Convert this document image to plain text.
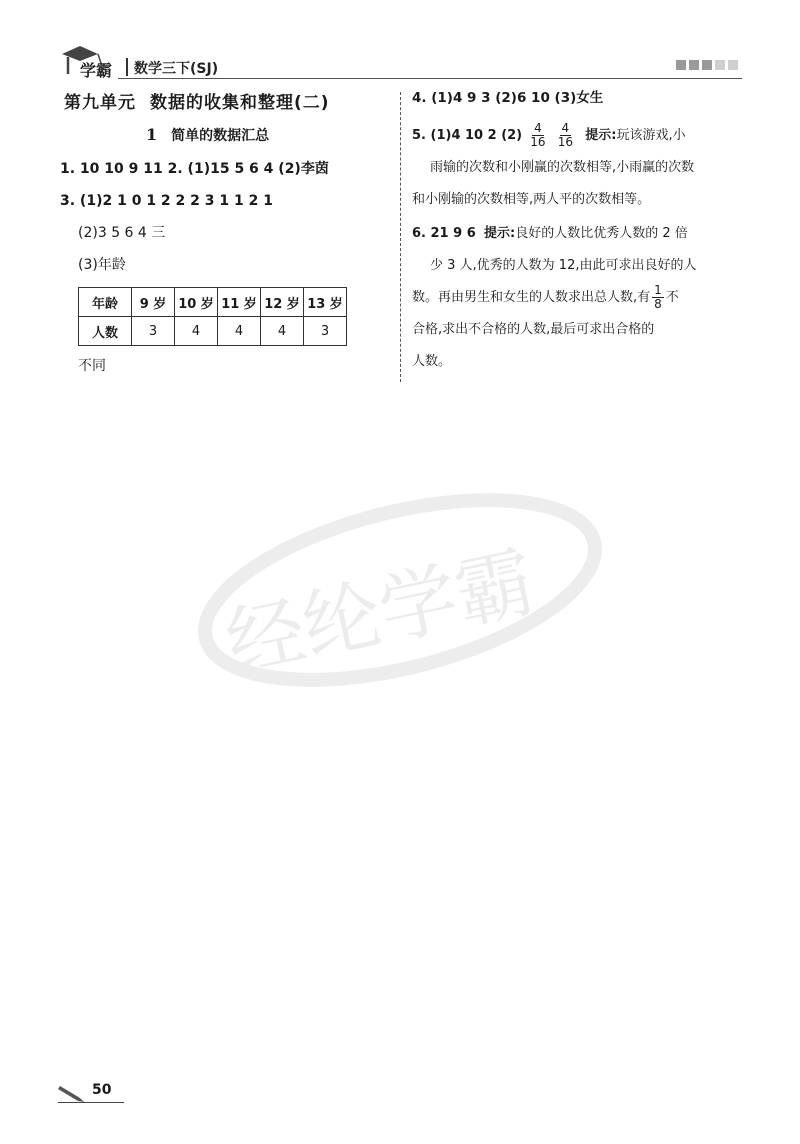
学霸 数学三下(SJ)
经纶学霸
第九单元 数据的收集和整理(二)
1 简单的数据汇总
1. 10 10 9 11 2. (1)15 5 6 4 (2)李茵
3. (1)2 1 0 1 2 2 2 3 1 1 2 1
(2)3 5 6 4 三
(3)年龄
年龄	9 岁	10 岁	11 岁	12 岁	13 岁
人数	3	4	4	4	3
不同
4. (1)4 9 3 (2)6 10 (3)女生
5. (1)4 10 2 $(2) \frac{4}{16}$
$\frac{4}{16}$ 提示:玩该游戏,小
雨输的次数和小刚赢的次数相等,小雨赢的次数
和小刚输的次数相等,两人平的次数相等。
6. 21 9 6 提示:良好的人数比优秀人数的 2 倍
少 3 人,优秀的人数为 12,由此可求出良好的人
数。再由男生和女生的人数求出总人数,有 $\frac{1}{8}$ 不
合格,求出不合格的人数,最后可求出合格的
人数。
50
